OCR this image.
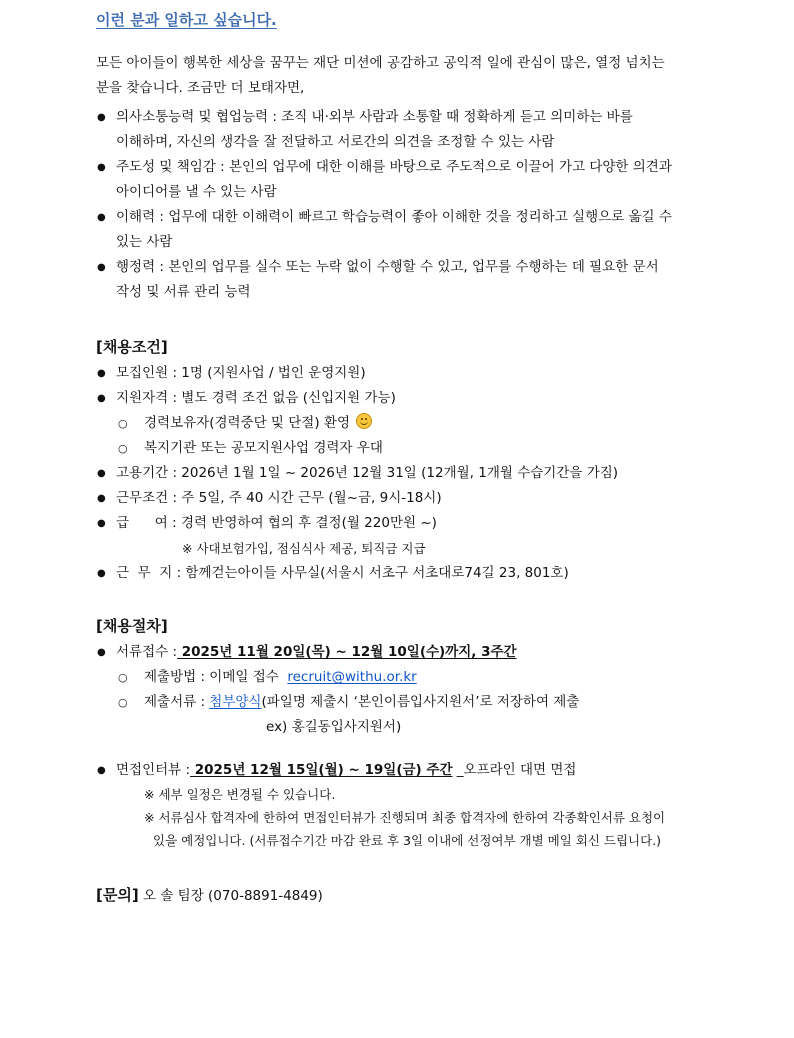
이런 분과 일하고 싶습니다.
모든 아이들이 행복한 세상을 꿈꾸는 재단 미션에 공감하고 공익적 일에 관심이 많은, 열정 넘치는
분을 찾습니다. 조금만 더 보태자면,
● 의사소통능력 및 협업능력 : 조직 내·외부 사람과 소통할 때 정확하게 듣고 의미하는 바를
이해하며, 자신의 생각을 잘 전달하고 서로간의 의견을 조정할 수 있는 사람
● 주도성 및 책임감 : 본인의 업무에 대한 이해를 바탕으로 주도적으로 이끌어 가고 다양한 의견과
아이디어를 낼 수 있는 사람
● 이해력 : 업무에 대한 이해력이 빠르고 학습능력이 좋아 이해한 것을 정리하고 실행으로 옮길 수
있는 사람
● 행정력 : 본인의 업무를 실수 또는 누락 없이 수행할 수 있고, 업무를 수행하는 데 필요한 문서
작성 및 서류 관리 능력
[채용조건]
● 모집인원 : 1명 (지원사업 / 법인 운영지원)
● 지원자격 : 별도 경력 조건 없음 (신입지원 가능)
○ 경력보유자(경력중단 및 단절) 환영
○ 복지기관 또는 공모지원사업 경력자 우대
● 고용기간 : 2026년 1월 1일 ~ 2026년 12월 31일 (12개월, 1개월 수습기간을 가짐)
● 근무조건 : 주 5일, 주 40 시간 근무 (월~금, 9시-18시)
● 급      여 : 경력 반영하여 협의 후 결정(월 220만원 ~)
※ 사대보험가입, 점심식사 제공, 퇴직금 지급
● 근  무  지 : 함께걷는아이들 사무실(서울시 서초구 서초대로74길 23, 801호)
[채용절차]
● 서류접수 : 2025년 11월 20일(목) ~ 12월 10일(수)까지, 3주간
○ 제출방법 : 이메일 접수  recruit@withu.or.kr
○ 제출서류 : 첨부양식(파일명 제출시 ‘본인이름입사지원서’로 저장하여 제출
ex) 홍길동입사지원서)
● 면접인터뷰 : 2025년 12월 15일(월) ~ 19일(금) 주간 _오프라인 대면 면접
※ 세부 일정은 변경될 수 있습니다.
※ 서류심사 합격자에 한하여 면접인터뷰가 진행되며 최종 합격자에 한하여 각종확인서류 요청이
있을 예정입니다. (서류접수기간 마감 완료 후 3일 이내에 선정여부 개별 메일 회신 드립니다.)
[문의] 오 솔 팀장 (070-8891-4849)
